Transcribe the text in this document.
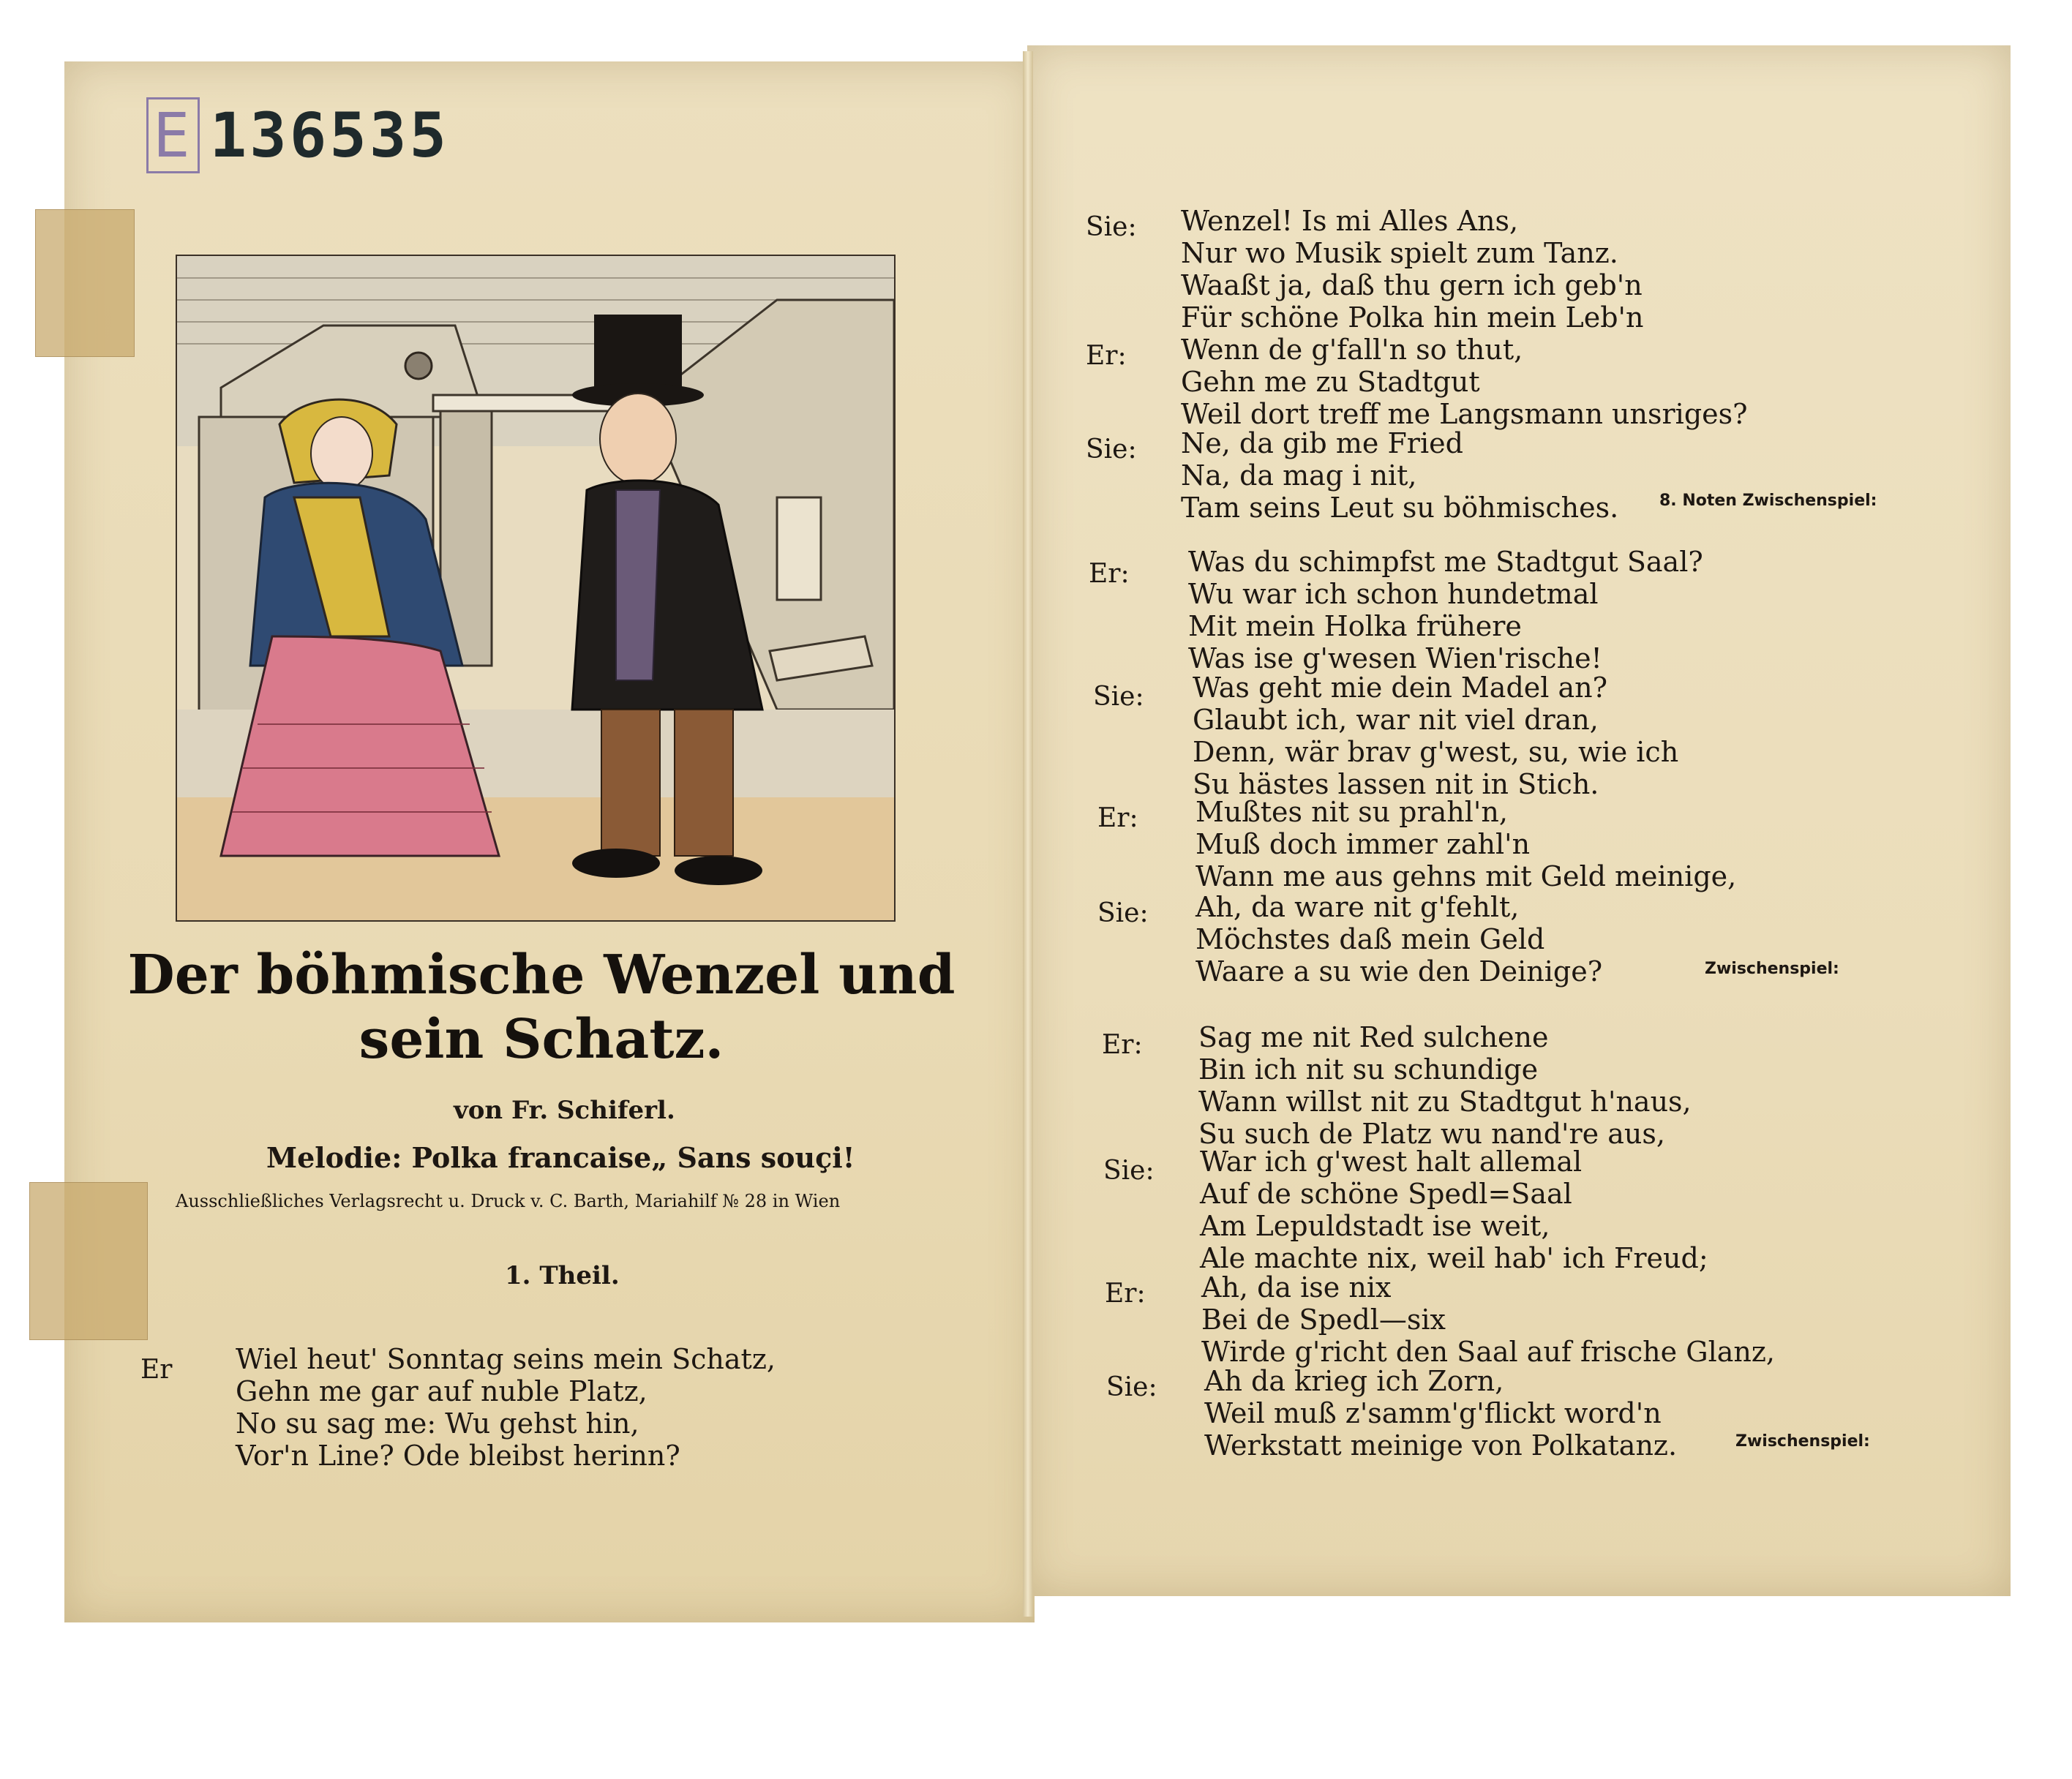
E 136535
Der böhmische Wenzel und
sein Schatz.
von Fr. Schiferl.
Melodie: Polka francaise„ Sans souçi!
Ausschließliches Verlagsrecht u. Druck v. C. Barth, Mariahilf № 28 in Wien
1. Theil.
Er Wiel heut' Sonntag seins mein Schatz,
Gehn me gar auf nuble Platz,
No su sag me: Wu gehst hin,
Vor'n Line? Ode bleibst herinn?
Sie: Wenzel! Is mi Alles Ans,
Nur wo Musik spielt zum Tanz.
Waaßt ja, daß thu gern ich geb'n
Für schöne Polka hin mein Leb'n
Er: Wenn de g'fall'n so thut,
Gehn me zu Stadtgut
Weil dort treff me Langsmann unsriges?
Sie: Ne, da gib me Fried
Na, da mag i nit,
Tam seins Leut su böhmisches.	8. Noten Zwischenspiel:
Er: Was du schimpfst me Stadtgut Saal?
Wu war ich schon hundetmal
Mit mein Holka frühere
Was ise g'wesen Wien'rische!
Sie: Was geht mie dein Madel an?
Glaubt ich, war nit viel dran,
Denn, wär brav g'west, su, wie ich
Su hästes lassen nit in Stich.
Er: Mußtes nit su prahl'n,
Muß doch immer zahl'n
Wann me aus gehns mit Geld meinige,
Sie: Ah, da ware nit g'fehlt,
Möchstes daß mein Geld
Waare a su wie den Deinige?	Zwischenspiel:
Er: Sag me nit Red sulchene
Bin ich nit su schundige
Wann willst nit zu Stadtgut h'naus,
Su such de Platz wu nand're aus,
Sie: War ich g'west halt allemal
Auf de schöne Spedl=Saal
Am Lepuldstadt ise weit,
Ale machte nix, weil hab' ich Freud;
Er: Ah, da ise nix
Bei de Spedl—six
Wirde g'richt den Saal auf frische Glanz,
Sie: Ah da krieg ich Zorn,
Weil muß z'samm'g'flickt word'n
Werkstatt meinige von Polkatanz.	Zwischenspiel:
